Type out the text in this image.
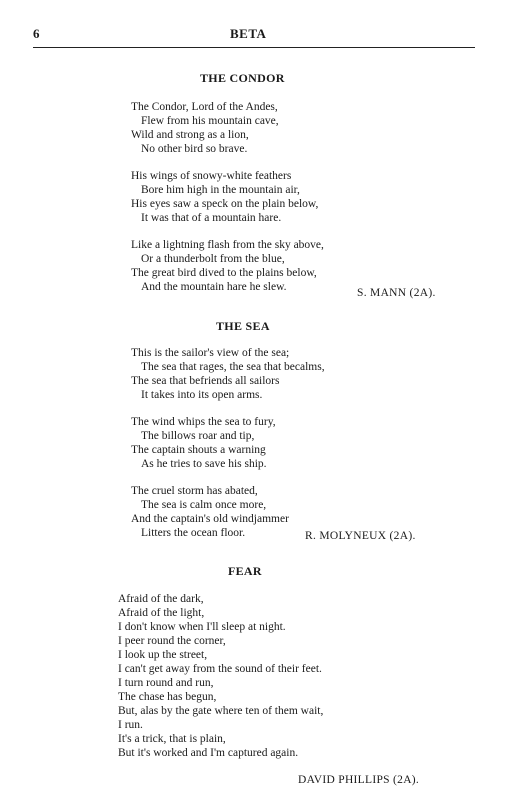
6	BETA
THE CONDOR
The Condor, Lord of the Andes,
Flew from his mountain cave,
Wild and strong as a lion,
No other bird so brave.
His wings of snowy-white feathers
Bore him high in the mountain air,
His eyes saw a speck on the plain below,
It was that of a mountain hare.
Like a lightning flash from the sky above,
Or a thunderbolt from the blue,
The great bird dived to the plains below,
And the mountain hare he slew.	S. MANN (2A).
THE SEA
This is the sailor's view of the sea;
The sea that rages, the sea that becalms,
The sea that befriends all sailors
It takes into its open arms.
The wind whips the sea to fury,
The billows roar and tip,
The captain shouts a warning
As he tries to save his ship.
The cruel storm has abated,
The sea is calm once more,
And the captain's old windjammer
Litters the ocean floor.	R. MOLYNEUX (2A).
FEAR
Afraid of the dark,
Afraid of the light,
I don't know when I'll sleep at night.
I peer round the corner,
I look up the street,
I can't get away from the sound of their feet.
I turn round and run,
The chase has begun,
But, alas by the gate where ten of them wait,
I run.
It's a trick, that is plain,
But it's worked and I'm captured again.
DAVID PHILLIPS (2A).
